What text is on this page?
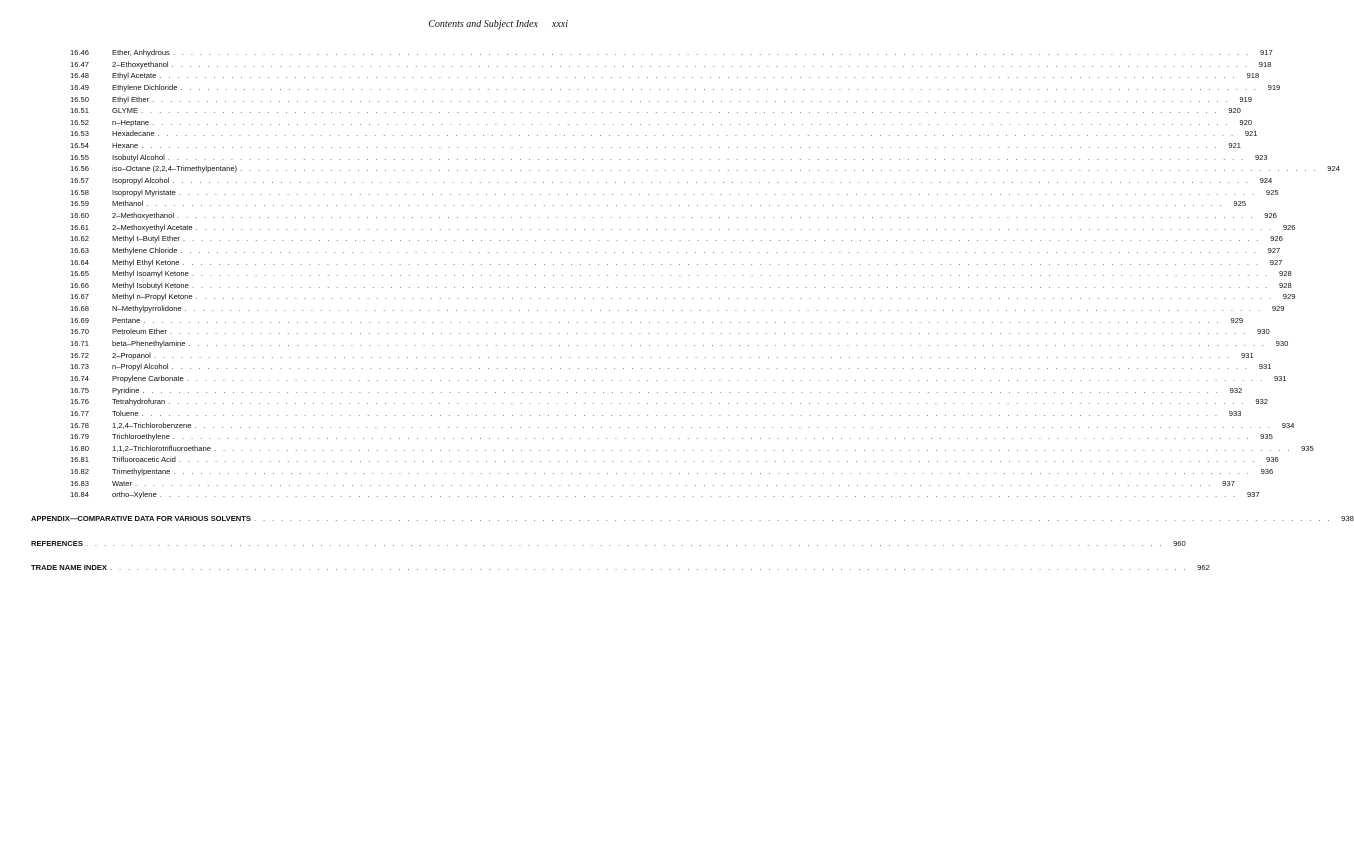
Contents and Subject Index xxxi
16.46	Ether, Anhydrous . . . . . . . . . . . . . . . . . . . . . . . . . . . . . . . . . . . . . . . . . . . . . . . . . . . . . . . . . . . . . . . . . . . . . . . . . . . . . . . . . . . . . . . . . . . . . . . . . . . . . . . . . . . . . . . . . . . . . . . .	917
16.47	2–Ethoxyethanol . . . . . . . . . . . . . . . . . . . . . . . . . . . . . . . . . . . . . . . . . . . . . . . . . . . . . . . . . . . . . . . . . . . . . . . . . . . . . . . . . . . . . . . . . . . . . . . . . . . . . . . . . . . . . . . . . . . . . . . .	918
16.48	Ethyl Acetate . . . . . . . . . . . . . . . . . . . . . . . . . . . . . . . . . . . . . . . . . . . . . . . . . . . . . . . . . . . . . . . . . . . . . . . . . . . . . . . . . . . . . . . . . . . . . . . . . . . . . . . . . . . . . . . . . . . . . . . .	918
16.49	Ethylene Dichloride . . . . . . . . . . . . . . . . . . . . . . . . . . . . . . . . . . . . . . . . . . . . . . . . . . . . . . . . . . . . . . . . . . . . . . . . . . . . . . . . . . . . . . . . . . . . . . . . . . . . . . . . . . . . . . . . . . . . . . . .	919
16.50	Ethyl Ether . . . . . . . . . . . . . . . . . . . . . . . . . . . . . . . . . . . . . . . . . . . . . . . . . . . . . . . . . . . . . . . . . . . . . . . . . . . . . . . . . . . . . . . . . . . . . . . . . . . . . . . . . . . . . . . . . . . . . . . .	919
16.51	GLYME . . . . . . . . . . . . . . . . . . . . . . . . . . . . . . . . . . . . . . . . . . . . . . . . . . . . . . . . . . . . . . . . . . . . . . . . . . . . . . . . . . . . . . . . . . . . . . . . . . . . . . . . . . . . . . . . . . . . . . . .	920
16.52	n–Heptane . . . . . . . . . . . . . . . . . . . . . . . . . . . . . . . . . . . . . . . . . . . . . . . . . . . . . . . . . . . . . . . . . . . . . . . . . . . . . . . . . . . . . . . . . . . . . . . . . . . . . . . . . . . . . . . . . . . . . . . .	920
16.53	Hexadecane . . . . . . . . . . . . . . . . . . . . . . . . . . . . . . . . . . . . . . . . . . . . . . . . . . . . . . . . . . . . . . . . . . . . . . . . . . . . . . . . . . . . . . . . . . . . . . . . . . . . . . . . . . . . . . . . . . . . . . . .	921
16.54	Hexane . . . . . . . . . . . . . . . . . . . . . . . . . . . . . . . . . . . . . . . . . . . . . . . . . . . . . . . . . . . . . . . . . . . . . . . . . . . . . . . . . . . . . . . . . . . . . . . . . . . . . . . . . . . . . . . . . . . . . . . .	921
16.55	Isobutyl Alcohol . . . . . . . . . . . . . . . . . . . . . . . . . . . . . . . . . . . . . . . . . . . . . . . . . . . . . . . . . . . . . . . . . . . . . . . . . . . . . . . . . . . . . . . . . . . . . . . . . . . . . . . . . . . . . . . . . . . . . . . .	923
16.56	iso–Octane (2,2,4–Trimethylpentane) . . . . . . . . . . . . . . . . . . . . . . . . . . . . . . . . . . . . . . . . . . . . . . . . . . . . . . . . . . . . . . . . . . . . . . . . . . . . . . . . . . . . . . . . . . . . . . . . . . . . . . . . . . . . . . . . . . . . . . . .	924
16.57	Isopropyl Alcohol . . . . . . . . . . . . . . . . . . . . . . . . . . . . . . . . . . . . . . . . . . . . . . . . . . . . . . . . . . . . . . . . . . . . . . . . . . . . . . . . . . . . . . . . . . . . . . . . . . . . . . . . . . . . . . . . . . . . . . . .	924
16.58	Isopropyl Myristate . . . . . . . . . . . . . . . . . . . . . . . . . . . . . . . . . . . . . . . . . . . . . . . . . . . . . . . . . . . . . . . . . . . . . . . . . . . . . . . . . . . . . . . . . . . . . . . . . . . . . . . . . . . . . . . . . . . . . . . .	925
16.59	Methanol . . . . . . . . . . . . . . . . . . . . . . . . . . . . . . . . . . . . . . . . . . . . . . . . . . . . . . . . . . . . . . . . . . . . . . . . . . . . . . . . . . . . . . . . . . . . . . . . . . . . . . . . . . . . . . . . . . . . . . . .	925
16.60	2–Methoxyethanol . . . . . . . . . . . . . . . . . . . . . . . . . . . . . . . . . . . . . . . . . . . . . . . . . . . . . . . . . . . . . . . . . . . . . . . . . . . . . . . . . . . . . . . . . . . . . . . . . . . . . . . . . . . . . . . . . . . . . . . .	926
16.61	2–Methoxyethyl Acetate . . . . . . . . . . . . . . . . . . . . . . . . . . . . . . . . . . . . . . . . . . . . . . . . . . . . . . . . . . . . . . . . . . . . . . . . . . . . . . . . . . . . . . . . . . . . . . . . . . . . . . . . . . . . . . . . . . . . . . . .	926
16.62	Methyl t–Butyl Ether . . . . . . . . . . . . . . . . . . . . . . . . . . . . . . . . . . . . . . . . . . . . . . . . . . . . . . . . . . . . . . . . . . . . . . . . . . . . . . . . . . . . . . . . . . . . . . . . . . . . . . . . . . . . . . . . . . . . . . . .	926
16.63	Methylene Chloride . . . . . . . . . . . . . . . . . . . . . . . . . . . . . . . . . . . . . . . . . . . . . . . . . . . . . . . . . . . . . . . . . . . . . . . . . . . . . . . . . . . . . . . . . . . . . . . . . . . . . . . . . . . . . . . . . . . . . . . .	927
16.64	Methyl Ethyl Ketone . . . . . . . . . . . . . . . . . . . . . . . . . . . . . . . . . . . . . . . . . . . . . . . . . . . . . . . . . . . . . . . . . . . . . . . . . . . . . . . . . . . . . . . . . . . . . . . . . . . . . . . . . . . . . . . . . . . . . . . .	927
16.65	Methyl Isoamyl Ketone . . . . . . . . . . . . . . . . . . . . . . . . . . . . . . . . . . . . . . . . . . . . . . . . . . . . . . . . . . . . . . . . . . . . . . . . . . . . . . . . . . . . . . . . . . . . . . . . . . . . . . . . . . . . . . . . . . . . . . . .	928
16.66	Methyl Isobutyl Ketone . . . . . . . . . . . . . . . . . . . . . . . . . . . . . . . . . . . . . . . . . . . . . . . . . . . . . . . . . . . . . . . . . . . . . . . . . . . . . . . . . . . . . . . . . . . . . . . . . . . . . . . . . . . . . . . . . . . . . . . .	928
16.67	Methyl n–Propyl Ketone . . . . . . . . . . . . . . . . . . . . . . . . . . . . . . . . . . . . . . . . . . . . . . . . . . . . . . . . . . . . . . . . . . . . . . . . . . . . . . . . . . . . . . . . . . . . . . . . . . . . . . . . . . . . . . . . . . . . . . . .	929
16.68	N–Methylpyrrolidone . . . . . . . . . . . . . . . . . . . . . . . . . . . . . . . . . . . . . . . . . . . . . . . . . . . . . . . . . . . . . . . . . . . . . . . . . . . . . . . . . . . . . . . . . . . . . . . . . . . . . . . . . . . . . . . . . . . . . . . .	929
16.69	Pentane . . . . . . . . . . . . . . . . . . . . . . . . . . . . . . . . . . . . . . . . . . . . . . . . . . . . . . . . . . . . . . . . . . . . . . . . . . . . . . . . . . . . . . . . . . . . . . . . . . . . . . . . . . . . . . . . . . . . . . . .	929
16.70	Petroleum Ether . . . . . . . . . . . . . . . . . . . . . . . . . . . . . . . . . . . . . . . . . . . . . . . . . . . . . . . . . . . . . . . . . . . . . . . . . . . . . . . . . . . . . . . . . . . . . . . . . . . . . . . . . . . . . . . . . . . . . . . .	930
16.71	beta–Phenethylamine . . . . . . . . . . . . . . . . . . . . . . . . . . . . . . . . . . . . . . . . . . . . . . . . . . . . . . . . . . . . . . . . . . . . . . . . . . . . . . . . . . . . . . . . . . . . . . . . . . . . . . . . . . . . . . . . . . . . . . . .	930
16.72	2–Propanol . . . . . . . . . . . . . . . . . . . . . . . . . . . . . . . . . . . . . . . . . . . . . . . . . . . . . . . . . . . . . . . . . . . . . . . . . . . . . . . . . . . . . . . . . . . . . . . . . . . . . . . . . . . . . . . . . . . . . . . .	931
16.73	n–Propyl Alcohol . . . . . . . . . . . . . . . . . . . . . . . . . . . . . . . . . . . . . . . . . . . . . . . . . . . . . . . . . . . . . . . . . . . . . . . . . . . . . . . . . . . . . . . . . . . . . . . . . . . . . . . . . . . . . . . . . . . . . . . .	931
16.74	Propylene Carbonate . . . . . . . . . . . . . . . . . . . . . . . . . . . . . . . . . . . . . . . . . . . . . . . . . . . . . . . . . . . . . . . . . . . . . . . . . . . . . . . . . . . . . . . . . . . . . . . . . . . . . . . . . . . . . . . . . . . . . . . .	931
16.75	Pyridine . . . . . . . . . . . . . . . . . . . . . . . . . . . . . . . . . . . . . . . . . . . . . . . . . . . . . . . . . . . . . . . . . . . . . . . . . . . . . . . . . . . . . . . . . . . . . . . . . . . . . . . . . . . . . . . . . . . . . . . .	932
16.76	Tetrahydrofuran . . . . . . . . . . . . . . . . . . . . . . . . . . . . . . . . . . . . . . . . . . . . . . . . . . . . . . . . . . . . . . . . . . . . . . . . . . . . . . . . . . . . . . . . . . . . . . . . . . . . . . . . . . . . . . . . . . . . . . . .	932
16.77	Toluene . . . . . . . . . . . . . . . . . . . . . . . . . . . . . . . . . . . . . . . . . . . . . . . . . . . . . . . . . . . . . . . . . . . . . . . . . . . . . . . . . . . . . . . . . . . . . . . . . . . . . . . . . . . . . . . . . . . . . . . .	933
16.78	1,2,4–Trichlorobenzene . . . . . . . . . . . . . . . . . . . . . . . . . . . . . . . . . . . . . . . . . . . . . . . . . . . . . . . . . . . . . . . . . . . . . . . . . . . . . . . . . . . . . . . . . . . . . . . . . . . . . . . . . . . . . . . . . . . . . . . .	934
16.79	Trichloroethylene . . . . . . . . . . . . . . . . . . . . . . . . . . . . . . . . . . . . . . . . . . . . . . . . . . . . . . . . . . . . . . . . . . . . . . . . . . . . . . . . . . . . . . . . . . . . . . . . . . . . . . . . . . . . . . . . . . . . . . . .	935
16.80	1,1,2–Trichlorotrifluoroethane . . . . . . . . . . . . . . . . . . . . . . . . . . . . . . . . . . . . . . . . . . . . . . . . . . . . . . . . . . . . . . . . . . . . . . . . . . . . . . . . . . . . . . . . . . . . . . . . . . . . . . . . . . . . . . . . . . . . . . . .	935
16.81	Trifluoroacetic Acid . . . . . . . . . . . . . . . . . . . . . . . . . . . . . . . . . . . . . . . . . . . . . . . . . . . . . . . . . . . . . . . . . . . . . . . . . . . . . . . . . . . . . . . . . . . . . . . . . . . . . . . . . . . . . . . . . . . . . . . .	936
16.82	Trimethylpentane . . . . . . . . . . . . . . . . . . . . . . . . . . . . . . . . . . . . . . . . . . . . . . . . . . . . . . . . . . . . . . . . . . . . . . . . . . . . . . . . . . . . . . . . . . . . . . . . . . . . . . . . . . . . . . . . . . . . . . . .	936
16.83	Water . . . . . . . . . . . . . . . . . . . . . . . . . . . . . . . . . . . . . . . . . . . . . . . . . . . . . . . . . . . . . . . . . . . . . . . . . . . . . . . . . . . . . . . . . . . . . . . . . . . . . . . . . . . . . . . . . . . . . . . .	937
16.84	ortho–Xylene . . . . . . . . . . . . . . . . . . . . . . . . . . . . . . . . . . . . . . . . . . . . . . . . . . . . . . . . . . . . . . . . . . . . . . . . . . . . . . . . . . . . . . . . . . . . . . . . . . . . . . . . . . . . . . . . . . . . . . . .	937
APPENDIX—COMPARATIVE DATA FOR VARIOUS SOLVENTS . . . . . . . . . . . . . . . . . . . . . . . . . . . . . . . . . . . . . . . . . . . . . . . . . . . . . . . . . . . . . . . . . . . . . . . . . . . . . . . . . . . . . . . . . . . . . . . . . . . . . . . . . . . . . . . . . . . . . . . .	938
REFERENCES . . . . . . . . . . . . . . . . . . . . . . . . . . . . . . . . . . . . . . . . . . . . . . . . . . . . . . . . . . . . . . . . . . . . . . . . . . . . . . . . . . . . . . . . . . . . . . . . . . . . . . . . . . . . . . . . . . . . . . . .	960
TRADE NAME INDEX . . . . . . . . . . . . . . . . . . . . . . . . . . . . . . . . . . . . . . . . . . . . . . . . . . . . . . . . . . . . . . . . . . . . . . . . . . . . . . . . . . . . . . . . . . . . . . . . . . . . . . . . . . . . . . . . . . . . . . . .	962
